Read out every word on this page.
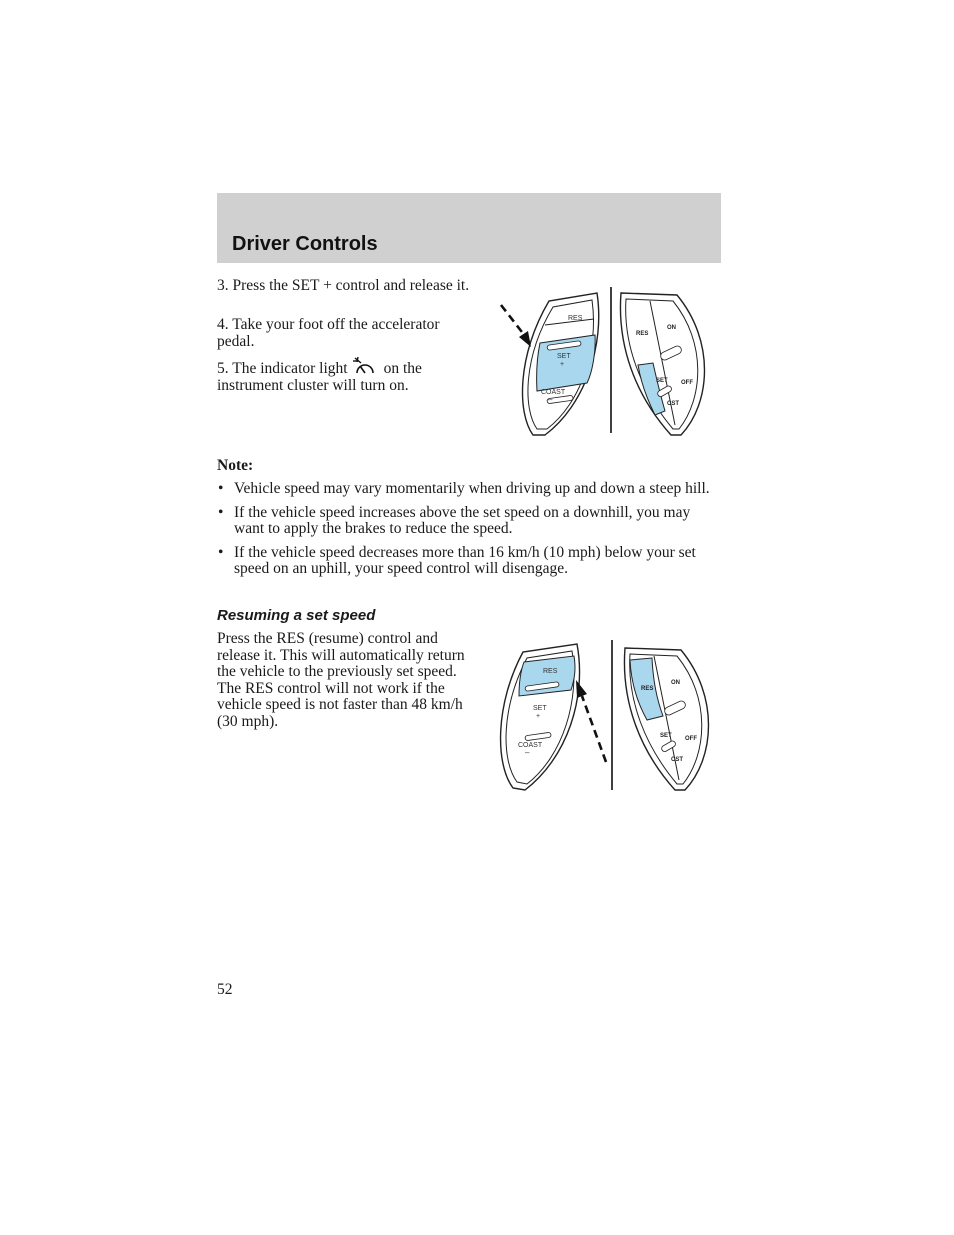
Driver Controls

3. Press the SET + control and release it.

4. Take your foot off the accelerator pedal.

5. The indicator light on the instrument cluster will turn on.

RES
SET
+
COAST
–
RES
ON
SET OFF
CST

Note:

• Vehicle speed may vary momentarily when driving up and down a steep hill.
• If the vehicle speed increases above the set speed on a downhill, you may want to apply the brakes to reduce the speed.
• If the vehicle speed decreases more than 16 km/h (10 mph) below your set speed on an uphill, your speed control will disengage.

Resuming a set speed

Press the RES (resume) control and release it. This will automatically return the vehicle to the previously set speed. The RES control will not work if the vehicle speed is not faster than 48 km/h (30 mph).

RES
SET
+
COAST
–
RES
ON
SET OFF
CST

52
